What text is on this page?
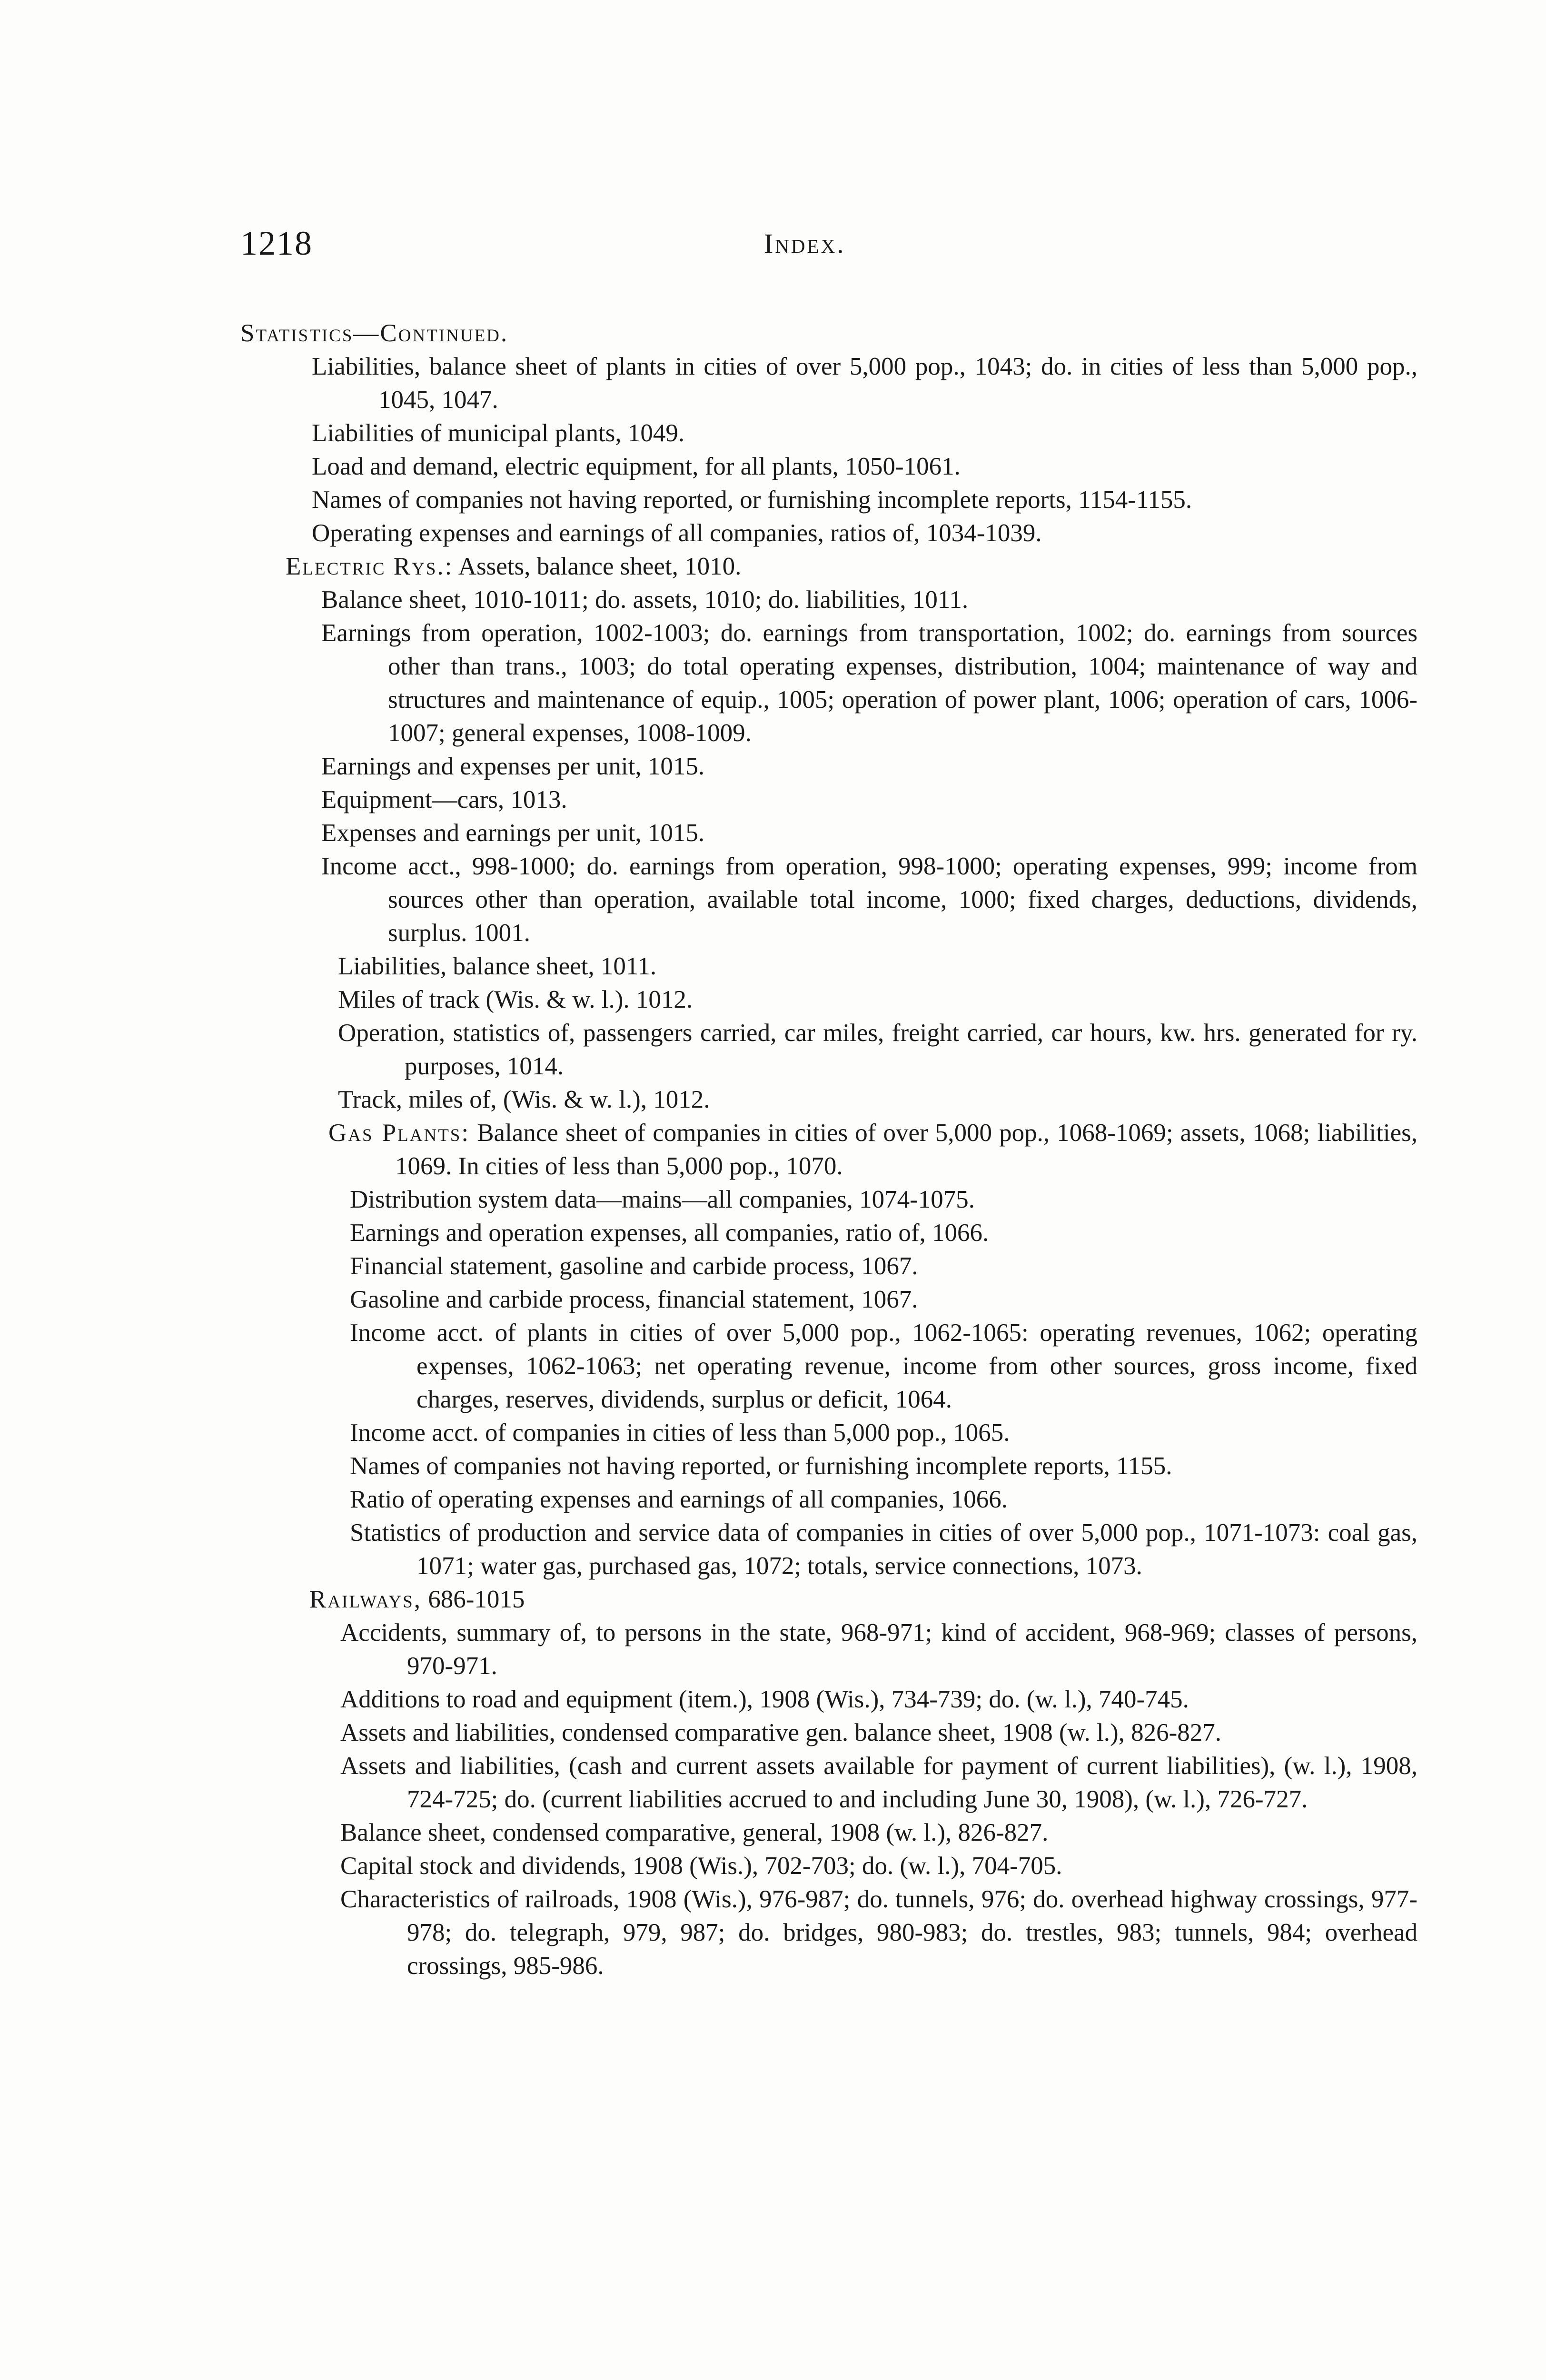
1218	Index.

Statistics—Continued.

Liabilities, balance sheet of plants in cities of over 5,000 pop., 1043; do. in cities of less than 5,000 pop., 1045, 1047.

Liabilities of municipal plants, 1049.

Load and demand, electric equipment, for all plants, 1050-1061.

Names of companies not having reported, or furnishing incomplete reports, 1154-1155.

Operating expenses and earnings of all companies, ratios of, 1034-1039.

Electric Rys.: Assets, balance sheet, 1010.

Balance sheet, 1010-1011; do. assets, 1010; do. liabilities, 1011.

Earnings from operation, 1002-1003; do. earnings from transportation, 1002; do. earnings from sources other than trans., 1003; do total operating expenses, distribution, 1004; maintenance of way and structures and maintenance of equip., 1005; operation of power plant, 1006; operation of cars, 1006-1007; general expenses, 1008-1009.

Earnings and expenses per unit, 1015.

Equipment—cars, 1013.

Expenses and earnings per unit, 1015.

Income acct., 998-1000; do. earnings from operation, 998-1000; operating expenses, 999; income from sources other than operation, available total income, 1000; fixed charges, deductions, dividends, surplus. 1001.

Liabilities, balance sheet, 1011.

Miles of track (Wis. & w. l.). 1012.

Operation, statistics of, passengers carried, car miles, freight carried, car hours, kw. hrs. generated for ry. purposes, 1014.

Track, miles of, (Wis. & w. l.), 1012.

Gas Plants: Balance sheet of companies in cities of over 5,000 pop., 1068-1069; assets, 1068; liabilities, 1069. In cities of less than 5,000 pop., 1070.

Distribution system data—mains—all companies, 1074-1075.

Earnings and operation expenses, all companies, ratio of, 1066.

Financial statement, gasoline and carbide process, 1067.

Gasoline and carbide process, financial statement, 1067.

Income acct. of plants in cities of over 5,000 pop., 1062-1065: operating revenues, 1062; operating expenses, 1062-1063; net operating revenue, income from other sources, gross income, fixed charges, reserves, dividends, surplus or deficit, 1064.

Income acct. of companies in cities of less than 5,000 pop., 1065.

Names of companies not having reported, or furnishing incomplete reports, 1155.

Ratio of operating expenses and earnings of all companies, 1066.

Statistics of production and service data of companies in cities of over 5,000 pop., 1071-1073: coal gas, 1071; water gas, purchased gas, 1072; totals, service connections, 1073.

Railways, 686-1015

Accidents, summary of, to persons in the state, 968-971; kind of accident, 968-969; classes of persons, 970-971.

Additions to road and equipment (item.), 1908 (Wis.), 734-739; do. (w. l.), 740-745.

Assets and liabilities, condensed comparative gen. balance sheet, 1908 (w. l.), 826-827.

Assets and liabilities, (cash and current assets available for payment of current liabilities), (w. l.), 1908, 724-725; do. (current liabilities accrued to and including June 30, 1908), (w. l.), 726-727.

Balance sheet, condensed comparative, general, 1908 (w. l.), 826-827.

Capital stock and dividends, 1908 (Wis.), 702-703; do. (w. l.), 704-705.

Characteristics of railroads, 1908 (Wis.), 976-987; do. tunnels, 976; do. overhead highway crossings, 977-978; do. telegraph, 979, 987; do. bridges, 980-983; do. trestles, 983; tunnels, 984; overhead crossings, 985-986.
